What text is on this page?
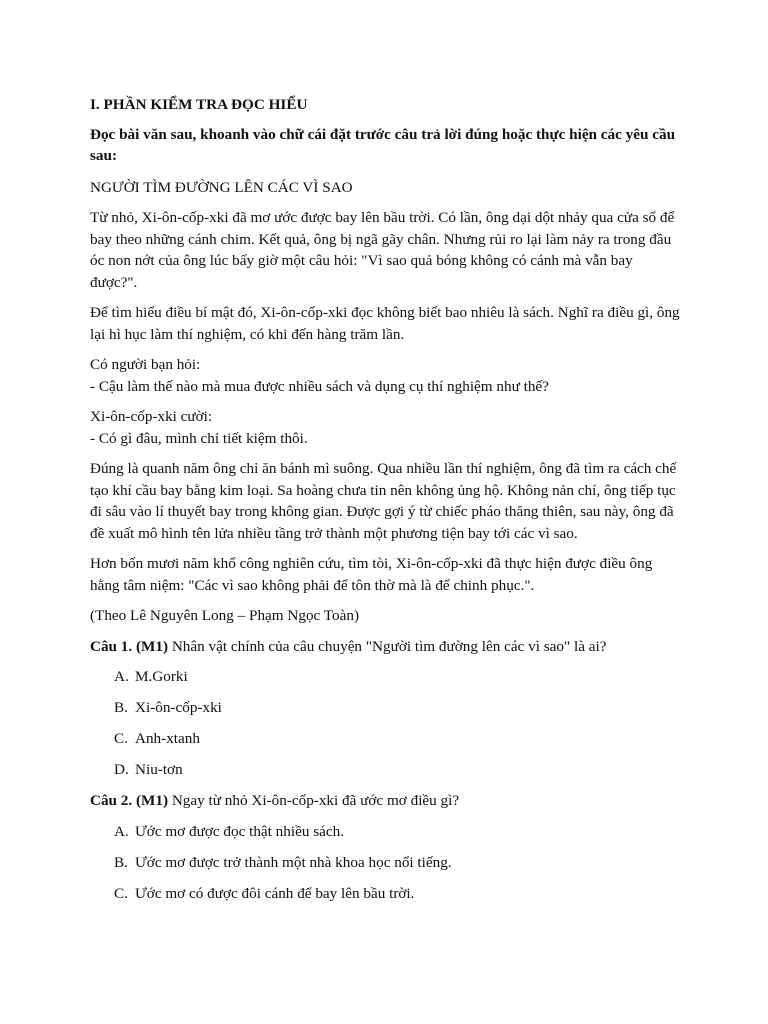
I. PHẦN KIỂM TRA ĐỌC HIỂU
Đọc bài văn sau, khoanh vào chữ cái đặt trước câu trả lời đúng hoặc thực hiện các yêu cầu sau:
NGƯỜI TÌM ĐƯỜNG LÊN CÁC VÌ SAO
Từ nhỏ, Xi-ôn-cốp-xki đã mơ ước được bay lên bầu trời. Có lần, ông dại dột nhảy qua cửa sổ để bay theo những cánh chim. Kết quả, ông bị ngã gãy chân. Nhưng rủi ro lại làm nảy ra trong đầu óc non nớt của ông lúc bấy giờ một câu hỏi: "Vì sao quả bóng không có cánh mà vẫn bay được?".
Để tìm hiểu điều bí mật đó, Xi-ôn-cốp-xki đọc không biết bao nhiêu là sách. Nghĩ ra điều gì, ông lại hì hục làm thí nghiệm, có khi đến hàng trăm lần.
Có người bạn hỏi:
- Cậu làm thế nào mà mua được nhiều sách và dụng cụ thí nghiệm như thế?
Xi-ôn-cốp-xki cười:
- Có gì đâu, mình chỉ tiết kiệm thôi.
Đúng là quanh năm ông chỉ ăn bánh mì suông. Qua nhiều lần thí nghiệm, ông đã tìm ra cách chế tạo khí cầu bay bằng kim loại. Sa hoàng chưa tin nên không ủng hộ. Không nản chí, ông tiếp tục đi sâu vào lí thuyết bay trong không gian. Được gợi ý từ chiếc pháo thăng thiên, sau này, ông đã đề xuất mô hình tên lửa nhiều tầng trở thành một phương tiện bay tới các vì sao.
Hơn bốn mươi năm khổ công nghiên cứu, tìm tòi, Xi-ôn-cốp-xki đã thực hiện được điều ông hằng tâm niệm: "Các vì sao không phải để tôn thờ mà là để chinh phục.".
(Theo Lê Nguyên Long – Phạm Ngọc Toàn)
Câu 1. (M1) Nhân vật chính của câu chuyện "Người tìm đường lên các vì sao" là ai?
A. M.Gorki
B. Xi-ôn-cốp-xki
C. Anh-xtanh
D. Niu-tơn
Câu 2. (M1) Ngay từ nhỏ Xi-ôn-cốp-xki đã ước mơ điều gì?
A. Ước mơ được đọc thật nhiều sách.
B. Ước mơ được trở thành một nhà khoa học nổi tiếng.
C. Ước mơ có được đôi cánh để bay lên bầu trời.
